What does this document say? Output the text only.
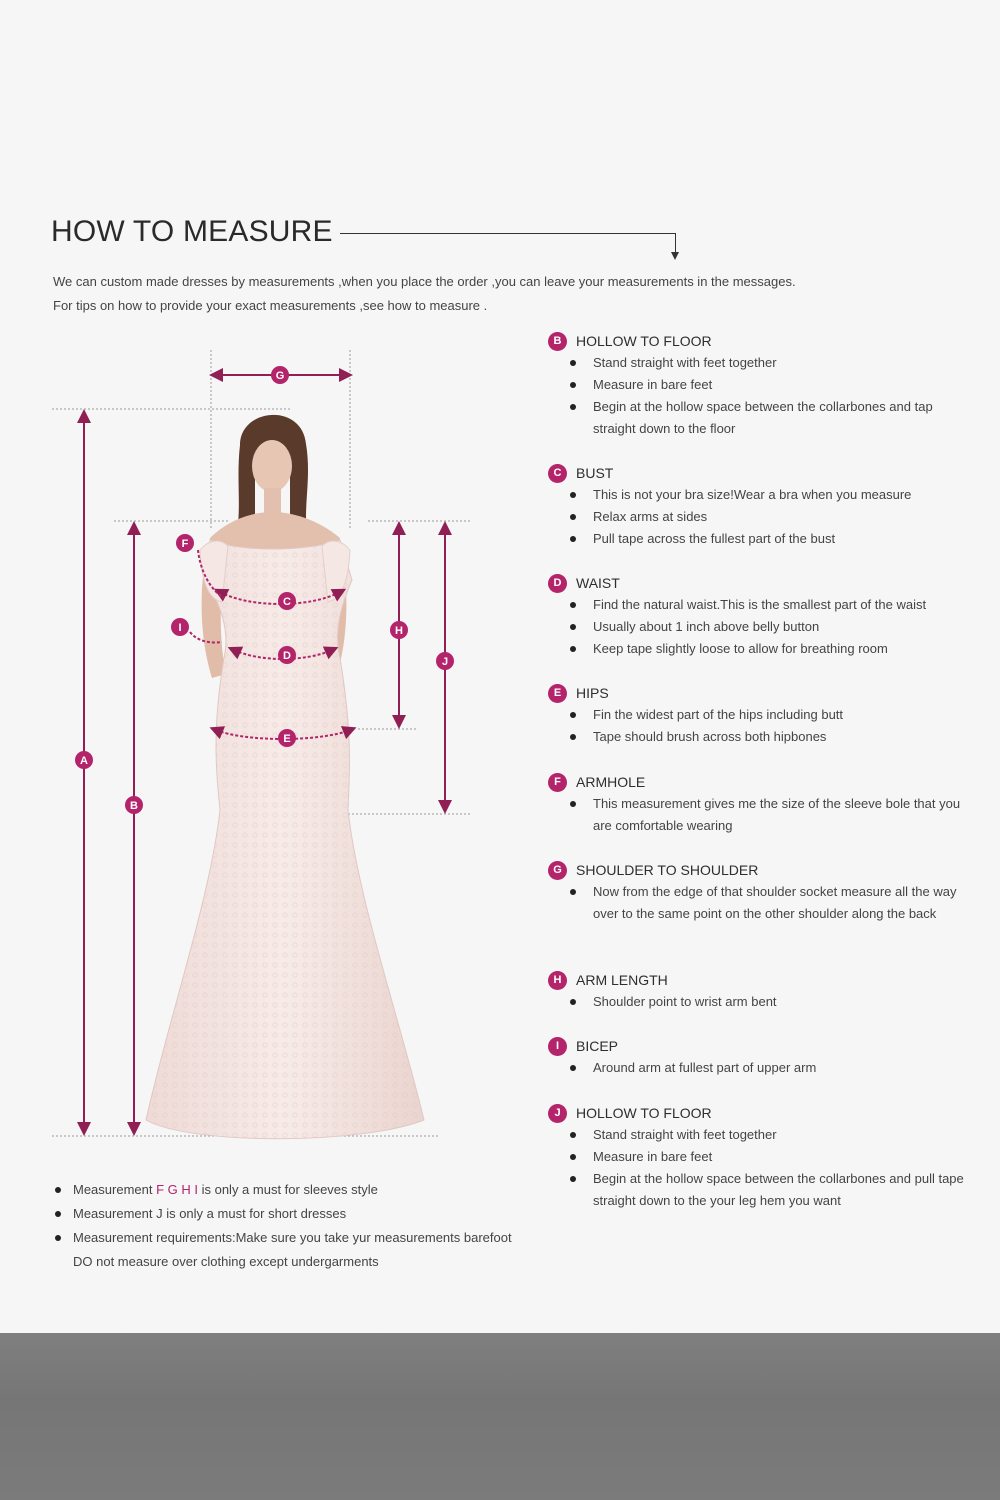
HOW TO MEASURE
We can custom made dresses by measurements ,when you place the order ,you can leave your measurements in the messages.
For tips on how to provide your exact measurements ,see how to measure .
A
B
C
D
E
F
G
H
I
J
B	HOLLOW TO FLOOR
Stand straight with feet together
Measure in bare feet
Begin at the hollow space between the collarbones and tap straight down to the floor
C	BUST
This is not your bra size!Wear a bra when you measure
Relax arms at sides
Pull tape across the fullest part of the bust
D	WAIST
Find the natural waist.This is the smallest part of the waist
Usually about 1 inch above belly button
Keep tape slightly loose to allow for breathing room
E	HIPS
Fin the widest part of the hips including butt
Tape should brush across both hipbones
F	ARMHOLE
This measurement gives me the size of the sleeve bole that you are comfortable wearing
G	SHOULDER TO SHOULDER
Now from the edge of that shoulder socket measure all the way over to the same point on the other shoulder along the back
H	ARM LENGTH
Shoulder point to wrist arm bent
I	BICEP
Around arm at fullest part of upper arm
J	HOLLOW TO FLOOR
Stand straight with feet together
Measure in bare feet
Begin at the hollow space between the collarbones and pull tape straight down to the your leg hem you want
Measurement F G H I is only a must for sleeves style
Measurement J is only a must for short dresses
Measurement requirements:Make sure you take yur measurements barefoot DO not measure over clothing except undergarments
